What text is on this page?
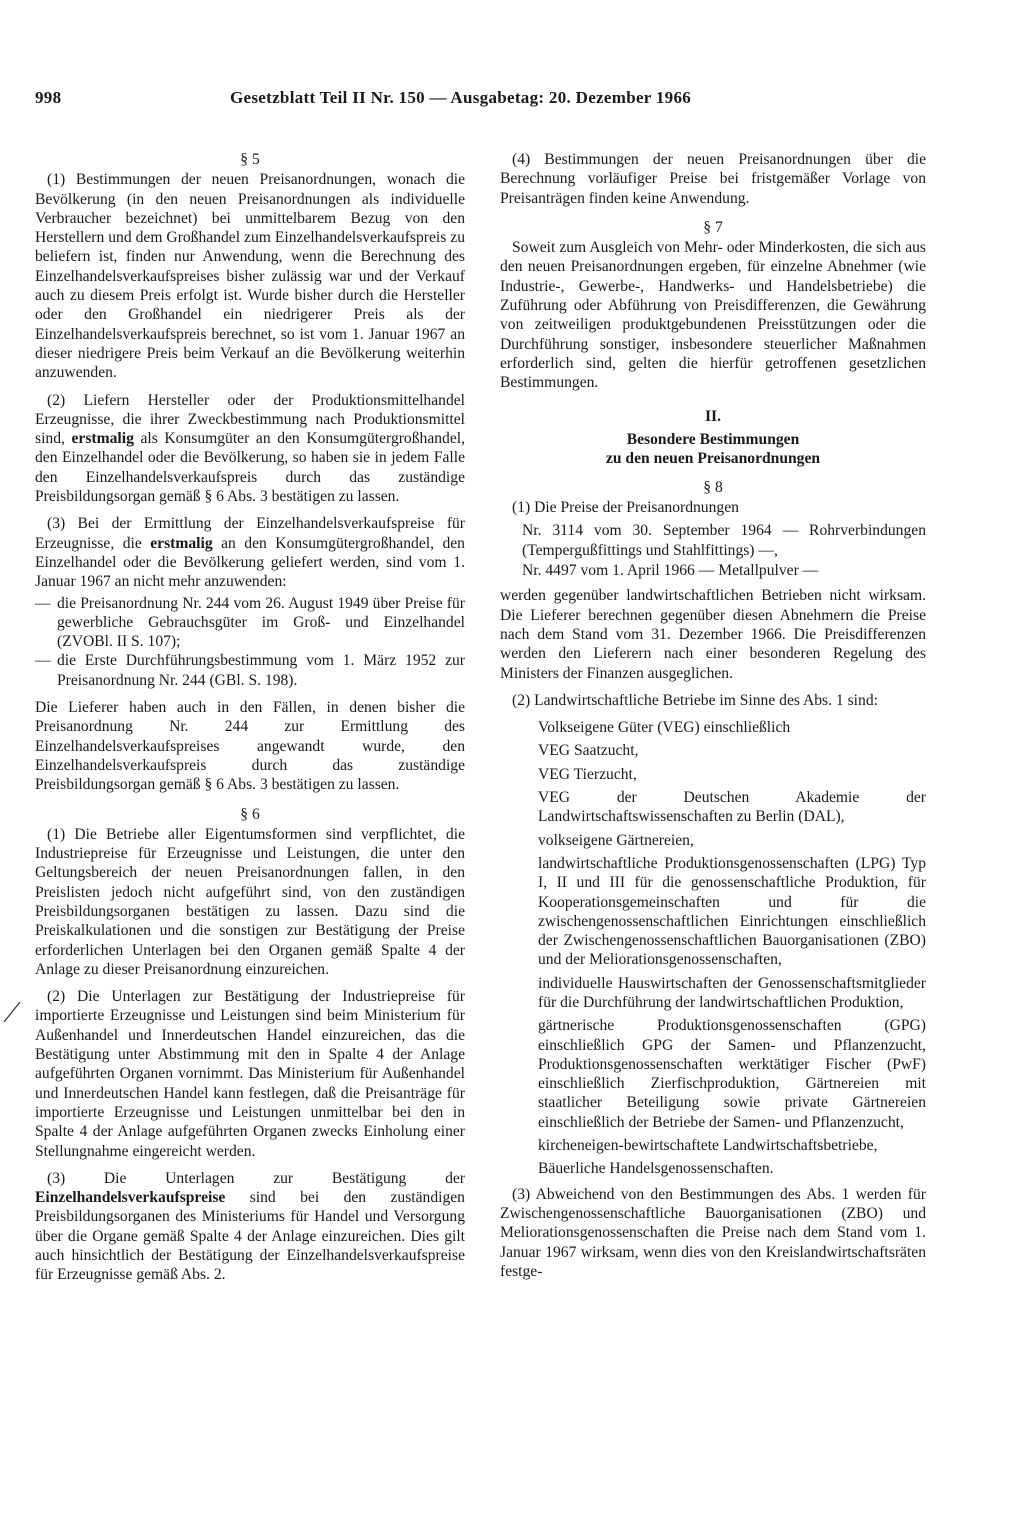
998	Gesetzblatt Teil II Nr. 150 — Ausgabetag: 20. Dezember 1966
§ 5

(1) Bestimmungen der neuen Preisanordnungen, wonach die Bevölkerung (in den neuen Preisanordnungen als individuelle Verbraucher bezeichnet) bei unmittelbarem Bezug von den Herstellern und dem Großhandel zum Einzelhandelsverkaufspreis zu beliefern ist, finden nur Anwendung, wenn die Berechnung des Einzelhandelsverkaufspreises bisher zulässig war und der Verkauf auch zu diesem Preis erfolgt ist. Wurde bisher durch die Hersteller oder den Großhandel ein niedrigerer Preis als der Einzelhandelsverkaufspreis berechnet, so ist vom 1. Januar 1967 an dieser niedrigere Preis beim Verkauf an die Bevölkerung weiterhin anzuwenden.

(2) Liefern Hersteller oder der Produktionsmittelhandel Erzeugnisse, die ihrer Zweckbestimmung nach Produktionsmittel sind, erstmalig als Konsumgüter an den Konsumgütergroßhandel, den Einzelhandel oder die Bevölkerung, so haben sie in jedem Falle den Einzelhandelsverkaufspreis durch das zuständige Preisbildungsorgan gemäß § 6 Abs. 3 bestätigen zu lassen.

(3) Bei der Ermittlung der Einzelhandelsverkaufspreise für Erzeugnisse, die erstmalig an den Konsumgütergroßhandel, den Einzelhandel oder die Bevölkerung geliefert werden, sind vom 1. Januar 1967 an nicht mehr anzuwenden:

— die Preisanordnung Nr. 244 vom 26. August 1949 über Preise für gewerbliche Gebrauchsgüter im Groß- und Einzelhandel (ZVOBl. II S. 107);
— die Erste Durchführungsbestimmung vom 1. März 1952 zur Preisanordnung Nr. 244 (GBl. S. 198).

Die Lieferer haben auch in den Fällen, in denen bisher die Preisanordnung Nr. 244 zur Ermittlung des Einzelhandelsverkaufspreises angewandt wurde, den Einzelhandelsverkaufspreis durch das zuständige Preisbildungsorgan gemäß § 6 Abs. 3 bestätigen zu lassen.

§ 6

(1) Die Betriebe aller Eigentumsformen sind verpflichtet, die Industriepreise für Erzeugnisse und Leistungen, die unter den Geltungsbereich der neuen Preisanordnungen fallen, in den Preislisten jedoch nicht aufgeführt sind, von den zuständigen Preisbildungsorganen bestätigen zu lassen. Dazu sind die Preiskalkulationen und die sonstigen zur Bestätigung der Preise erforderlichen Unterlagen bei den Organen gemäß Spalte 4 der Anlage zu dieser Preisanordnung einzureichen.

(2) Die Unterlagen zur Bestätigung der Industriepreise für importierte Erzeugnisse und Leistungen sind beim Ministerium für Außenhandel und Innerdeutschen Handel einzureichen, das die Bestätigung unter Abstimmung mit den in Spalte 4 der Anlage aufgeführten Organen vornimmt. Das Ministerium für Außenhandel und Innerdeutschen Handel kann festlegen, daß die Preisanträge für importierte Erzeugnisse und Leistungen unmittelbar bei den in Spalte 4 der Anlage aufgeführten Organen zwecks Einholung einer Stellungnahme eingereicht werden.

(3) Die Unterlagen zur Bestätigung der Einzelhandelsverkaufspreise sind bei den zuständigen Preisbildungsorganen des Ministeriums für Handel und Versorgung über die Organe gemäß Spalte 4 der Anlage einzureichen. Dies gilt auch hinsichtlich der Bestätigung der Einzelhandelsverkaufspreise für Erzeugnisse gemäß Abs. 2.

(4) Bestimmungen der neuen Preisanordnungen über die Berechnung vorläufiger Preise bei fristgemäßer Vorlage von Preisanträgen finden keine Anwendung.

§ 7

Soweit zum Ausgleich von Mehr- oder Minderkosten, die sich aus den neuen Preisanordnungen ergeben, für einzelne Abnehmer (wie Industrie-, Gewerbe-, Handwerks- und Handelsbetriebe) die Zuführung oder Abführung von Preisdifferenzen, die Gewährung von zeitweiligen produktgebundenen Preisstützungen oder die Durchführung sonstiger, insbesondere steuerlicher Maßnahmen erforderlich sind, gelten die hierfür getroffenen gesetzlichen Bestimmungen.

II.
Besondere Bestimmungen
zu den neuen Preisanordnungen
§ 8

(1) Die Preise der Preisanordnungen

Nr. 3114 vom 30. September 1964 — Rohrverbindungen (Tempergußfittings und Stahlfittings) —,

Nr. 4497 vom 1. April 1966 — Metallpulver —

werden gegenüber landwirtschaftlichen Betrieben nicht wirksam. Die Lieferer berechnen gegenüber diesen Abnehmern die Preise nach dem Stand vom 31. Dezember 1966. Die Preisdifferenzen werden den Lieferern nach einer besonderen Regelung des Ministers der Finanzen ausgeglichen.

(2) Landwirtschaftliche Betriebe im Sinne des Abs. 1 sind:

Volkseigene Güter (VEG) einschließlich
VEG Saatzucht,
VEG Tierzucht,
VEG der Deutschen Akademie der Landwirtschaftswissenschaften zu Berlin (DAL),
volkseigene Gärtnereien,
landwirtschaftliche Produktionsgenossenschaften (LPG) Typ I, II und III für die genossenschaftliche Produktion, für Kooperationsgemeinschaften und für die zwischengenossenschaftlichen Einrichtungen einschließlich der Zwischengenossenschaftlichen Bauorganisationen (ZBO) und der Meliorationsgenossenschaften,
individuelle Hauswirtschaften der Genossenschaftsmitglieder für die Durchführung der landwirtschaftlichen Produktion,
gärtnerische Produktionsgenossenschaften (GPG) einschließlich GPG der Samen- und Pflanzenzucht, Produktionsgenossenschaften werktätiger Fischer (PwF) einschließlich Zierfischproduktion, Gärtnereien mit staatlicher Beteiligung sowie private Gärtnereien einschließlich der Betriebe der Samen- und Pflanzenzucht,
kircheneigen-bewirtschaftete Landwirtschaftsbetriebe,
Bäuerliche Handelsgenossenschaften.

(3) Abweichend von den Bestimmungen des Abs. 1 werden für Zwischengenossenschaftliche Bauorganisationen (ZBO) und Meliorationsgenossenschaften die Preise nach dem Stand vom 1. Januar 1967 wirksam, wenn dies von den Kreislandwirtschaftsräten festge-
